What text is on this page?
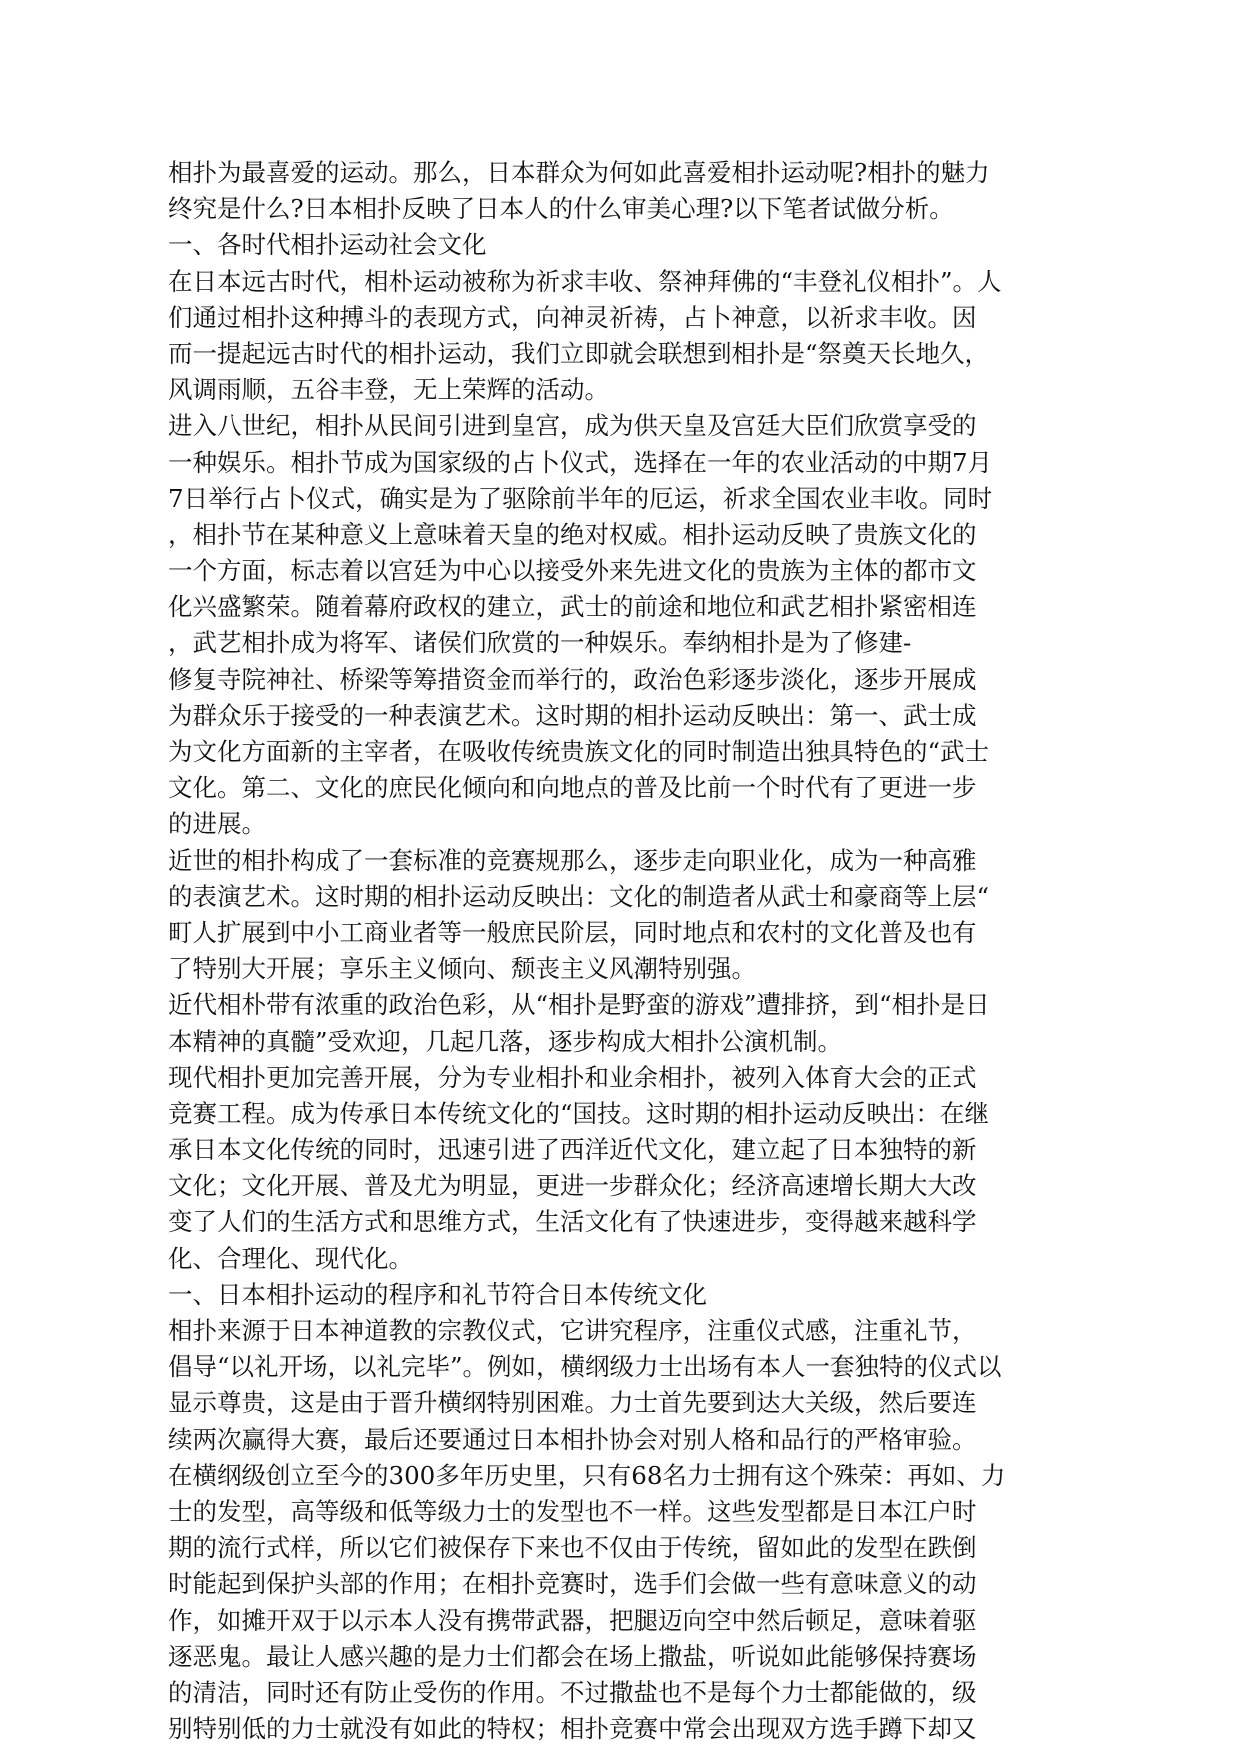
相扑为最喜爱的运动。那么，日本群众为何如此喜爱相扑运动呢?相扑的魅力
终究是什么?日本相扑反映了日本人的什么审美心理?以下笔者试做分析。
一、各时代相扑运动社会文化
在日本远古时代，相朴运动被称为祈求丰收、祭神拜佛的“丰登礼仪相扑”。人
们通过相扑这种搏斗的表现方式，向神灵祈祷，占卜神意，以祈求丰收。因
而一提起远古时代的相扑运动，我们立即就会联想到相扑是“祭奠天长地久，
风调雨顺，五谷丰登，无上荣辉的活动。
进入八世纪，相扑从民间引进到皇宫，成为供天皇及宫廷大臣们欣赏享受的
一种娱乐。相扑节成为国家级的占卜仪式，选择在一年的农业活动的中期7月
7日举行占卜仪式，确实是为了驱除前半年的厄运，祈求全国农业丰收。同时
，相扑节在某种意义上意味着天皇的绝对权威。相扑运动反映了贵族文化的
一个方面，标志着以宫廷为中心以接受外来先进文化的贵族为主体的都市文
化兴盛繁荣。随着幕府政权的建立，武士的前途和地位和武艺相扑紧密相连
，武艺相扑成为将军、诸侯们欣赏的一种娱乐。奉纳相扑是为了修建-
修复寺院神社、桥梁等筹措资金而举行的，政治色彩逐步淡化，逐步开展成
为群众乐于接受的一种表演艺术。这时期的相扑运动反映出：第一、武士成
为文化方面新的主宰者，在吸收传统贵族文化的同时制造出独具特色的“武士
文化。第二、文化的庶民化倾向和向地点的普及比前一个时代有了更进一步
的进展。
近世的相扑构成了一套标准的竞赛规那么，逐步走向职业化，成为一种高雅
的表演艺术。这时期的相扑运动反映出：文化的制造者从武士和豪商等上层“
町人扩展到中小工商业者等一般庶民阶层，同时地点和农村的文化普及也有
了特别大开展；享乐主义倾向、颓丧主义风潮特别强。
近代相朴带有浓重的政治色彩，从“相扑是野蛮的游戏”遭排挤，到“相扑是日
本精神的真髓”受欢迎，几起几落，逐步构成大相扑公演机制。
现代相扑更加完善开展，分为专业相扑和业余相扑，被列入体育大会的正式
竞赛工程。成为传承日本传统文化的“国技。这时期的相扑运动反映出：在继
承日本文化传统的同时，迅速引进了西洋近代文化，建立起了日本独特的新
文化；文化开展、普及尤为明显，更进一步群众化；经济高速增长期大大改
变了人们的生活方式和思维方式，生活文化有了快速进步，变得越来越科学
化、合理化、现代化。
一、日本相扑运动的程序和礼节符合日本传统文化
相扑来源于日本神道教的宗教仪式，它讲究程序，注重仪式感，注重礼节，
倡导“以礼开场，以礼完毕”。例如，横纲级力士出场有本人一套独特的仪式以
显示尊贵，这是由于晋升横纲特别困难。力士首先要到达大关级，然后要连
续两次赢得大赛，最后还要通过日本相扑协会对别人格和品行的严格审验。
在横纲级创立至今的300多年历史里，只有68名力士拥有这个殊荣：再如、力
士的发型，高等级和低等级力士的发型也不一样。这些发型都是日本江户时
期的流行式样，所以它们被保存下来也不仅由于传统，留如此的发型在跌倒
时能起到保护头部的作用；在相扑竞赛时，选手们会做一些有意味意义的动
作，如摊开双于以示本人没有携带武器，把腿迈向空中然后顿足，意味着驱
逐恶鬼。最让人感兴趣的是力士们都会在场上撒盐，听说如此能够保持赛场
的清洁，同时还有防止受伤的作用。不过撒盐也不是每个力士都能做的，级
别特别低的力士就没有如此的特权；相扑竞赛中常会出现双方选手蹲下却又
